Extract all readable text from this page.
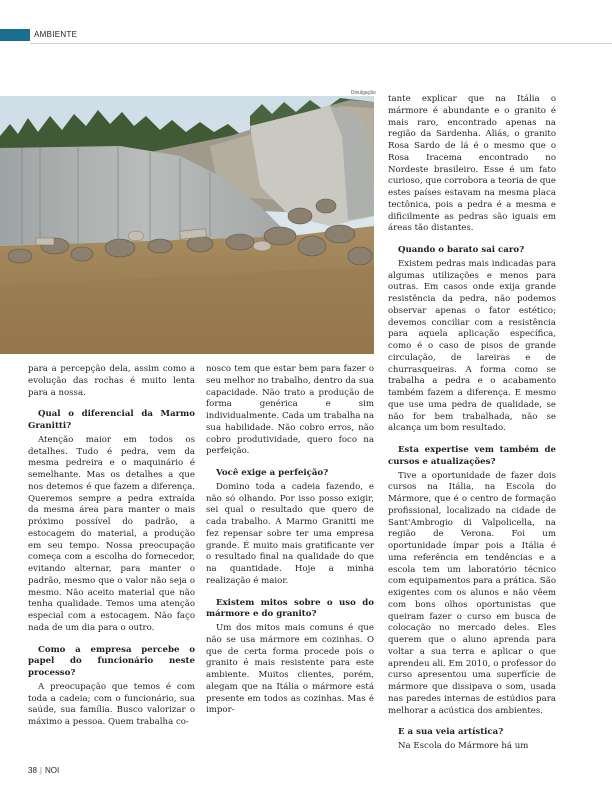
AMBIENTE
Divulgação

para a percepção dela, assim como a evolução das rochas é muito lenta para a nossa.

Qual o diferencial da Marmo Granitti?

Atenção maior em todos os detalhes. Tudo é pedra, vem da mesma pedreira e o maquinário é semelhante. Mas os detalhes a que nos detemos é que fazem a diferença. Queremos sempre a pedra extraída da mesma área para manter o mais próximo possível do padrão, a estocagem do material, a produção em seu tempo. Nossa preocupação começa com a escolha do fornecedor, evitando alternar, para manter o padrão, mesmo que o valor não seja o mesmo. Não aceito material que não tenha qualidade. Temos uma atenção especial com a estocagem. Não faço nada de um dia para o outro.

Como a empresa percebe o papel do funcionário neste processo?

A preocupação que temos é com toda a cadeia; com o funcionário, sua saúde, sua família. Busco valorizar o máximo a pessoa. Quem trabalha co-

nosco tem que estar bem para fazer o seu melhor no trabalho, dentro da sua capacidade. Não trato a produção de forma genérica e sim individualmente. Cada um trabalha na sua habilidade. Não cobro erros, não cobro produtividade, quero foco na perfeição.

Você exige a perfeição?

Domino toda a cadeia fazendo, e não só olhando. Por isso posso exigir, sei qual o resultado que quero de cada trabalho. A Marmo Granitti me fez repensar sobre ter uma empresa grande. É muito mais gratificante ver o resultado final na qualidade do que na quantidade. Hoje a minha realização é maior.

Existem mitos sobre o uso do mármore e do granito?

Um dos mitos mais comuns é que não se usa mármore em cozinhas. O que de certa forma procede pois o granito é mais resistente para este ambiente. Muitos clientes, porém, alegam que na Itália o mármore está presente em todos as cozinhas. Mas é impor-

tante explicar que na Itália o mármore é abundante e o granito é mais raro, encontrado apenas na região da Sardenha. Aliás, o granito Rosa Sardo de lá é o mesmo que o Rosa Iracema encontrado no Nordeste brasileiro. Esse é um fato curioso, que corrobora a teoria de que estes países estavam na mesma placa tectônica, pois a pedra é a mesma e dificilmente as pedras são iguais em áreas tão distantes.

Quando o barato sai caro?

Existem pedras mais indicadas para algumas utilizações e menos para outras. Em casos onde exija grande resistência da pedra, não podemos observar apenas o fator estético; devemos conciliar com a resistência para aquela aplicação específica, como é o caso de pisos de grande circulação, de lareiras e de churrasqueiras. A forma como se trabalha a pedra e o acabamento também fazem a diferença. E mesmo que use uma pedra de qualidade, se não for bem trabalhada, não se alcança um bom resultado.

Esta expertise vem também de cursos e atualizações?

Tive a oportunidade de fazer dois cursos na Itália, na Escola do Mármore, que é o centro de formação profissional, localizado na cidade de Sant'Ambrogio di Valpolicella, na região de Verona. Foi um oportunidade ímpar pois a Itália é uma referência em tendências e a escola tem um laboratório técnico com equipamentos para a prática. São exigentes com os alunos e não vêem com bons olhos oportunistas que queiram fazer o curso em busca de colocação no mercado deles. Eles querem que o aluno aprenda para voltar a sua terra e aplicar o que aprendeu ali. Em 2010, o professor do curso apresentou uma superfície de mármore que dissipava o som, usada nas paredes internas de estúdios para melhorar a acústica dos ambientes.

E a sua veia artística?

Na Escola do Mármore há um

38 | NOI
